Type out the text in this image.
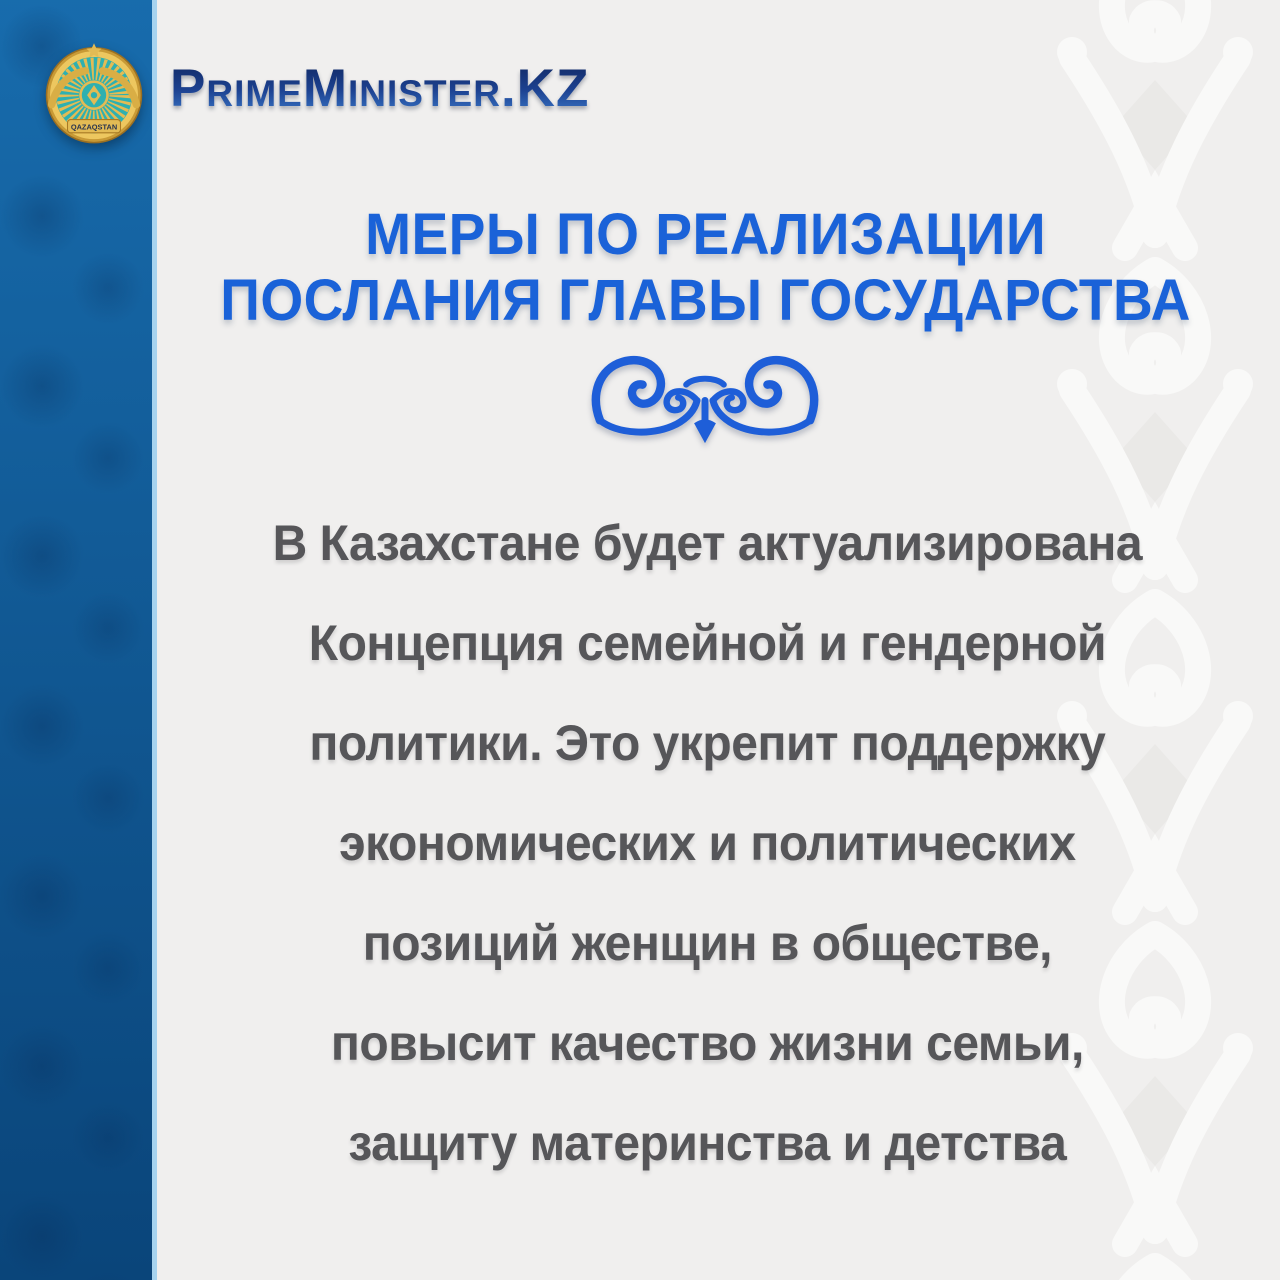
QAZAQSTAN
PrimeMinister.KZ
МЕРЫ ПО РЕАЛИЗАЦИИ
ПОСЛАНИЯ ГЛАВЫ ГОСУДАРСТВА
В Казахстане будет актуализирована
Концепция семейной и гендерной
политики. Это укрепит поддержку
экономических и политических
позиций женщин в обществе,
повысит качество жизни семьи,
защиту материнства и детства
